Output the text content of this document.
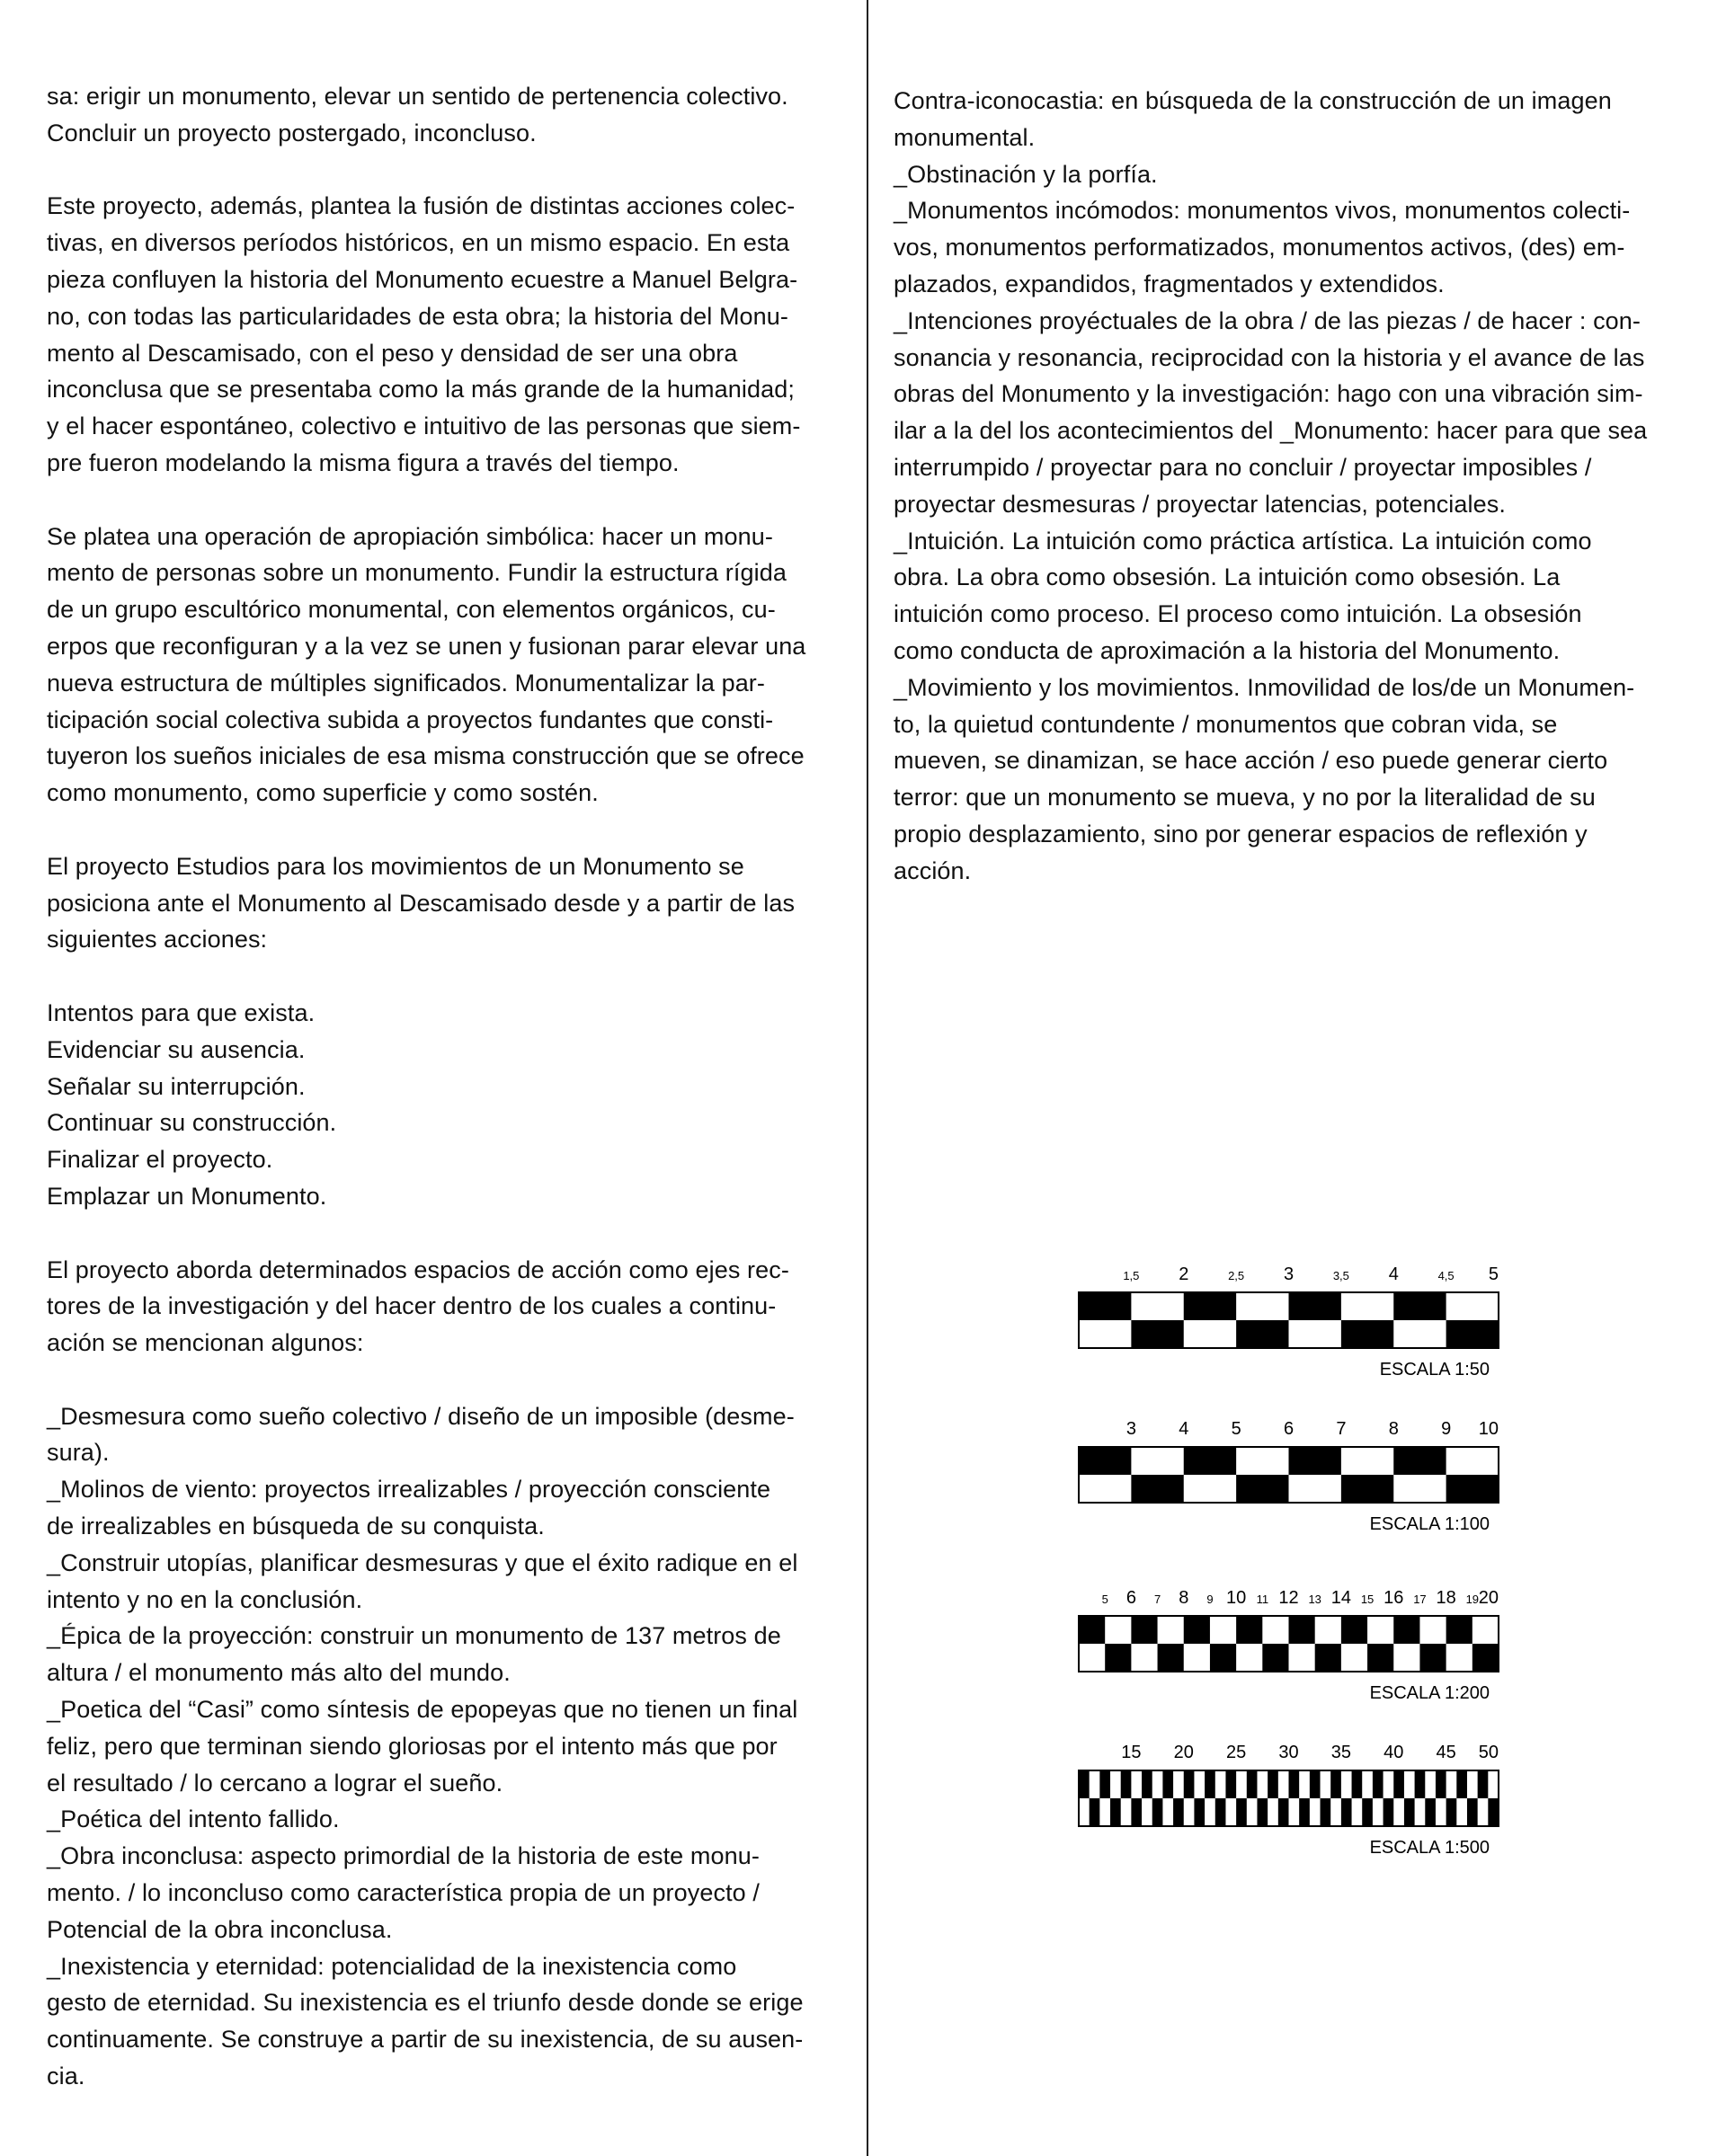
sa: erigir un monumento, elevar un sentido de pertenencia colectivo.

Concluir un proyecto postergado, inconcluso.

Este proyecto, además, plantea la fusión de distintas acciones colec-

tivas, en diversos períodos históricos, en un mismo espacio. En esta

pieza confluyen la historia del Monumento ecuestre a Manuel Belgra-

no, con todas las particularidades de esta obra; la historia del Monu-

mento al Descamisado, con el peso y densidad de ser una obra

inconclusa que se presentaba como la más grande de la humanidad;

y el hacer espontáneo, colectivo e intuitivo de las personas que siem-

pre fueron modelando la misma figura a través del tiempo.

Se platea una operación de apropiación simbólica: hacer un monu-

mento de personas sobre un monumento. Fundir la estructura rígida

de un grupo escultórico monumental, con elementos orgánicos, cu-

erpos que reconfiguran y a la vez se unen y fusionan parar elevar una

nueva estructura de múltiples significados. Monumentalizar la par-

ticipación social colectiva subida a proyectos fundantes que consti-

tuyeron los sueños iniciales de esa misma construcción que se ofrece

como monumento, como superficie y como sostén.

El proyecto Estudios para los movimientos de un Monumento se

posiciona ante el Monumento al Descamisado desde y a partir de las

siguientes acciones:

Intentos para que exista.

Evidenciar su ausencia.

Señalar su interrupción.

Continuar su construcción.

Finalizar el proyecto.

Emplazar un Monumento.

El proyecto aborda determinados espacios de acción como ejes rec-

tores de la investigación y del hacer dentro de los cuales a continu-

ación se mencionan algunos:

_Desmesura como sueño colectivo / diseño de un imposible (desme-

sura).

_Molinos de viento: proyectos irrealizables / proyección consciente

de irrealizables en búsqueda de su conquista.

_Construir utopías, planificar desmesuras y que el éxito radique en el

intento y no en la conclusión.

_Épica de la proyección: construir un monumento de 137 metros de

altura / el monumento más alto del mundo.

_Poetica del “Casi” como síntesis de epopeyas que no tienen un final

feliz, pero que terminan siendo gloriosas por el intento más que por

el resultado / lo cercano a lograr el sueño.

_Poética del intento fallido.

_Obra inconclusa: aspecto primordial de la historia de este monu-

mento. / lo inconcluso como característica propia de un proyecto /

Potencial de la obra inconclusa.

_Inexistencia y eternidad: potencialidad de la inexistencia como

gesto de eternidad. Su inexistencia es el triunfo desde donde se erige

continuamente. Se construye a partir de su inexistencia, de su ausen-

cia.

Contra-iconocastia: en búsqueda de la construcción de un imagen

monumental.

_Obstinación y la porfía.

_Monumentos incómodos: monumentos vivos, monumentos colecti-

vos, monumentos performatizados, monumentos activos, (des) em-

plazados, expandidos, fragmentados y extendidos.

_Intenciones proyéctuales de la obra / de las piezas / de hacer : con-

sonancia y resonancia, reciprocidad con la historia y el avance de las

obras del Monumento y la investigación: hago con una vibración sim-

ilar a la del los acontecimientos del _Monumento: hacer para que sea

interrumpido / proyectar para no concluir / proyectar imposibles /

proyectar desmesuras / proyectar latencias, potenciales.

_Intuición. La intuición como práctica artística. La intuición como

obra. La obra como obsesión. La intuición como obsesión. La

intuición como proceso. El proceso como intuición. La obsesión

como conducta de aproximación a la historia del Monumento.

_Movimiento y los movimientos. Inmovilidad de los/de un Monumen-

to, la quietud contundente / monumentos que cobran vida, se

mueven, se dinamizan, se hace acción / eso puede generar cierto

terror: que un monumento se mueva, y no por la literalidad de su

propio desplazamiento, sino por generar espacios de reflexión y

acción.

1,5 2	2,5 3	3,5 4	4,5 5
ESCALA 1:50
3 4 5 6 7 8 9 10
ESCALA 1:100
5 6 7 8 9 10 11 12 13 14 15 16 17 18 19 20
ESCALA 1:200
15 20 25 30 35 40 45 50
ESCALA 1:500
